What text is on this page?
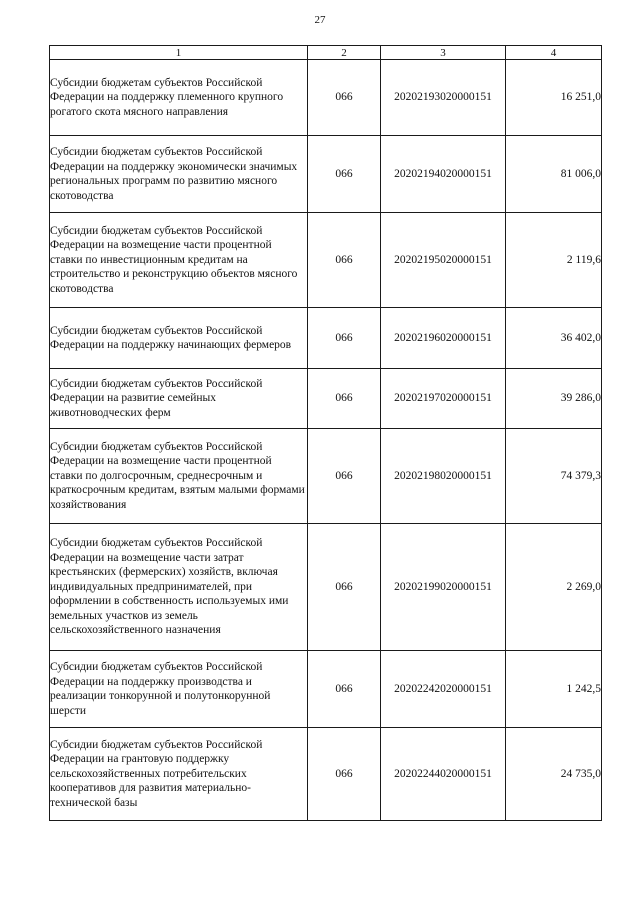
27
1	2	3	4
Субсидии бюджетам субъектов Российской Федерации на поддержку племенного крупного рогатого скота мясного направления	066	20202193020000151	16 251,0
Субсидии бюджетам субъектов Российской Федерации на поддержку экономически значимых региональных программ по развитию мясного скотоводства	066	20202194020000151	81 006,0
Субсидии бюджетам субъектов Российской Федерации на возмещение части процентной ставки по инвестиционным кредитам на строительство и реконструкцию объектов мясного скотоводства	066	20202195020000151	2 119,6
Субсидии бюджетам субъектов Российской Федерации на поддержку начинающих фермеров	066	20202196020000151	36 402,0
Субсидии бюджетам субъектов Российской Федерации на развитие семейных животноводческих ферм	066	20202197020000151	39 286,0
Субсидии бюджетам субъектов Российской Федерации на возмещение части процентной ставки по долгосрочным, среднесрочным и краткосрочным кредитам, взятым малыми формами хозяйствования	066	20202198020000151	74 379,3
Субсидии бюджетам субъектов Российской Федерации на возмещение части затрат крестьянских (фермерских) хозяйств, включая индивидуальных предпринимателей, при оформлении в собственность используемых ими земельных участков из земель сельскохозяйственного назначения	066	20202199020000151	2 269,0
Субсидии бюджетам субъектов Российской Федерации на поддержку производства и реализации тонкорунной и полутонкорунной шерсти	066	20202242020000151	1 242,5
Субсидии бюджетам субъектов Российской Федерации на грантовую поддержку сельскохозяйственных потребительских кооперативов для развития материально-технической базы	066	20202244020000151	24 735,0
